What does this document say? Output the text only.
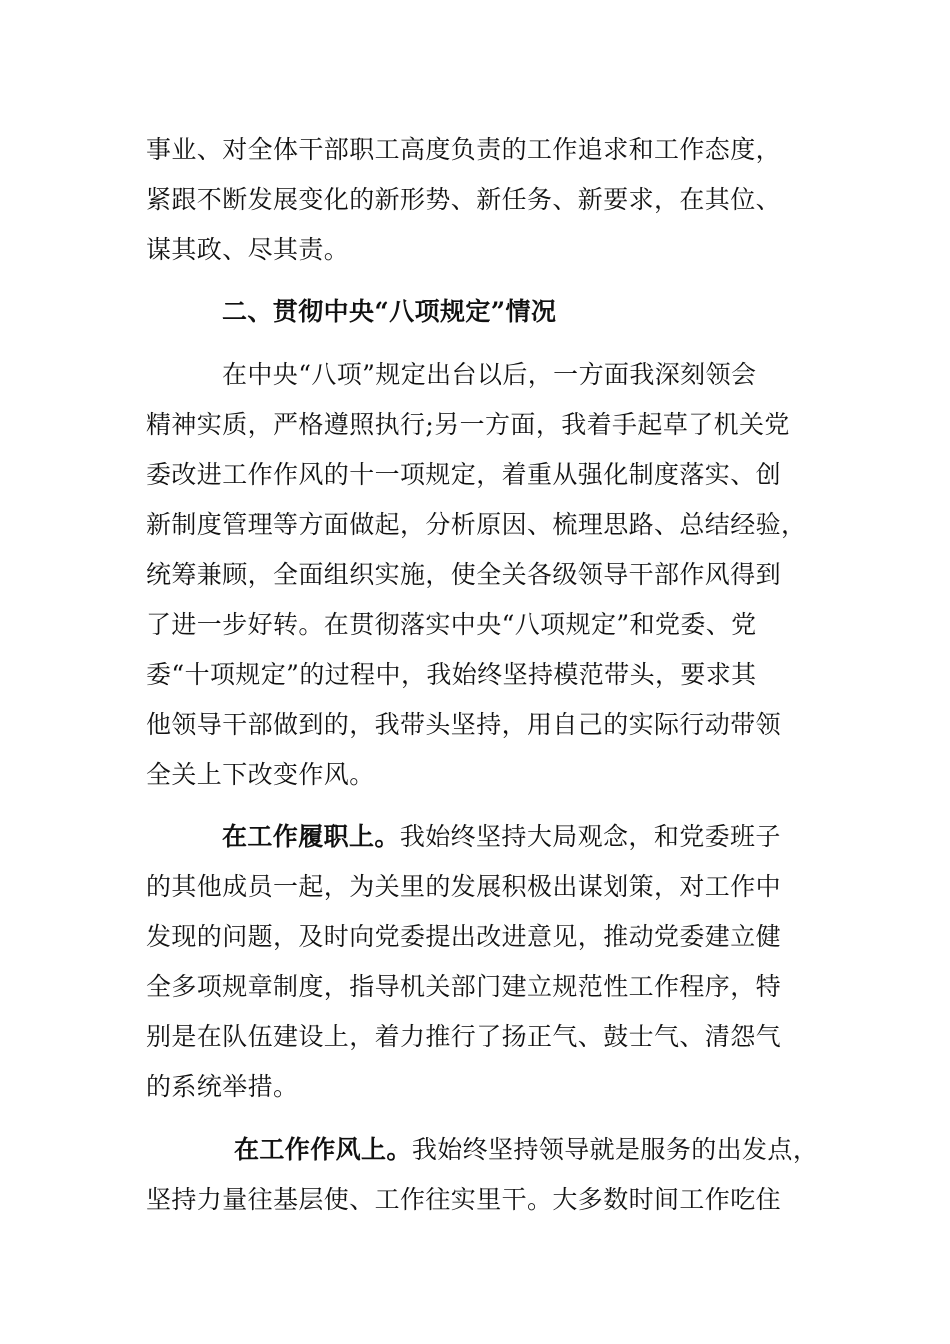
事业、对全体干部职工高度负责的工作追求和工作态度，
紧跟不断发展变化的新形势、新任务、新要求，在其位、
谋其政、尽其责。
二、贯彻中央“八项规定”情况
在中央“八项”规定出台以后，一方面我深刻领会
精神实质，严格遵照执行;另一方面，我着手起草了机关党
委改进工作作风的十一项规定，着重从强化制度落实、创
新制度管理等方面做起，分析原因、梳理思路、总结经验，
统筹兼顾，全面组织实施，使全关各级领导干部作风得到
了进一步好转。在贯彻落实中央“八项规定”和党委、党
委“十项规定”的过程中，我始终坚持模范带头，要求其
他领导干部做到的，我带头坚持，用自己的实际行动带领
全关上下改变作风。
在工作履职上。我始终坚持大局观念，和党委班子
的其他成员一起，为关里的发展积极出谋划策，对工作中
发现的问题，及时向党委提出改进意见，推动党委建立健
全多项规章制度，指导机关部门建立规范性工作程序，特
别是在队伍建设上，着力推行了扬正气、鼓士气、清怨气
的系统举措。
在工作作风上。我始终坚持领导就是服务的出发点，
坚持力量往基层使、工作往实里干。大多数时间工作吃住
